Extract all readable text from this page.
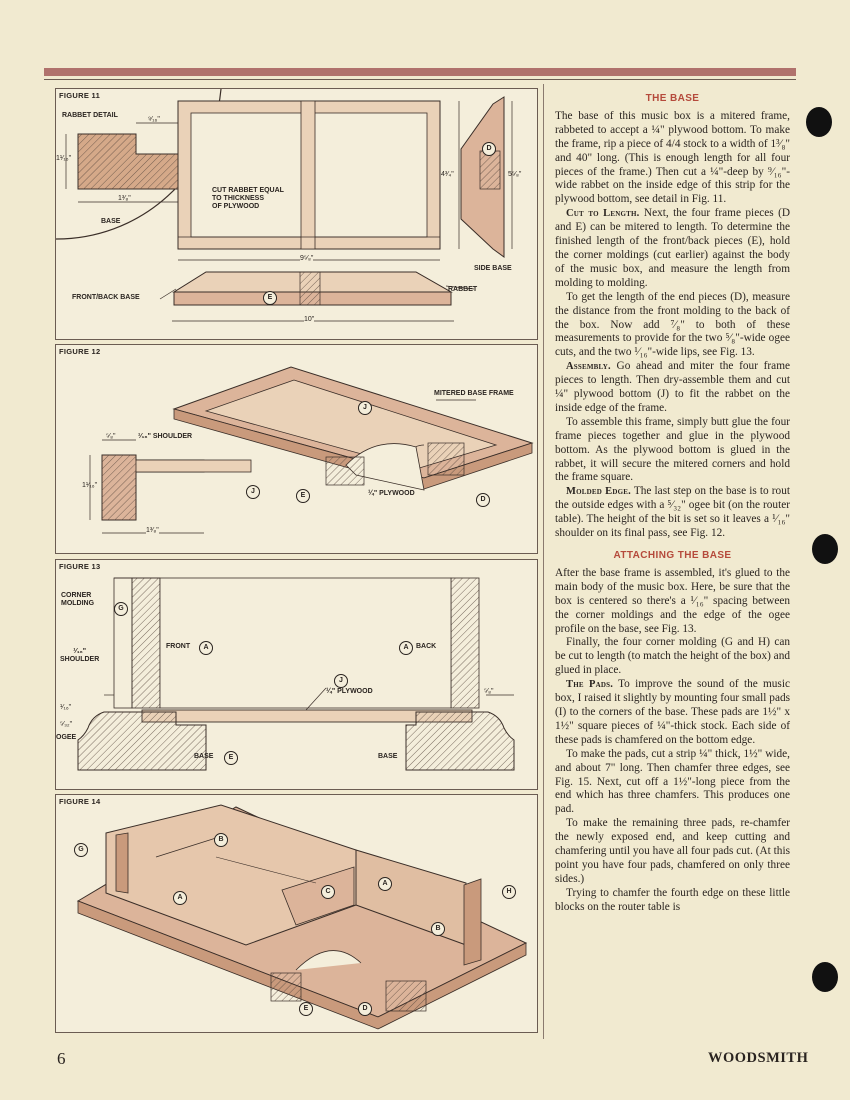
FIGURE 11
RABBET DETAIL
⁹⁄₁₆"
1¹⁄₁₆"
1³⁄₈"
BASE
CUT RABBET EQUAL
TO THICKNESS
OF PLYWOOD
4³⁄₄"	5⁵⁄₈"
9⁵⁄₈"
SIDE BASE
RABBET
FRONT/BACK BASE
10"
D
E
FIGURE 12
MITERED BASE FRAME
⁵⁄₈"	¹⁄₁₆" SHOULDER
1¹⁄₁₆"
1³⁄₈"
¼" PLYWOOD
J
J
E
D
FIGURE 13
CORNER
MOLDING
G
FRONT	A	A	BACK
¹⁄₁₆"
SHOULDER
J
¼" PLYWOOD	⁵⁄₈"
¹⁄₁₆"
⁵⁄₃₂"
OGEE
BASE	E	BASE
FIGURE 14
G
B
A
C
A
H
B
E	D
THE BASE

The base of this music box is a mitered frame, rabbeted to accept a ¼" plywood bottom. To make the frame, rip a piece of 4/4 stock to a width of 1³⁄₈" and 40" long. (This is enough length for all four pieces of the frame.) Then cut a ¼"-deep by ⁹⁄₁₆"-wide rabbet on the inside edge of this strip for the plywood bottom, see detail in Fig. 11.

Cut to Length. Next, the four frame pieces (D and E) can be mitered to length. To determine the finished length of the front/back pieces (E), hold the corner moldings (cut earlier) against the body of the music box, and measure the length from molding to molding.

To get the length of the end pieces (D), measure the distance from the front molding to the back of the box. Now add ⁷⁄₈" to both of these measurements to provide for the two ⁵⁄₈"-wide ogee cuts, and the two ¹⁄₁₆"-wide lips, see Fig. 13.

Assembly. Go ahead and miter the four frame pieces to length. Then dry-assemble them and cut ¼" plywood bottom (J) to fit the rabbet on the inside edge of the frame.

To assemble this frame, simply butt glue the four frame pieces together and glue in the plywood bottom. As the plywood bottom is glued in the rabbet, it will secure the mitered corners and hold the frame square.

Molded Edge. The last step on the base is to rout the outside edges with a ⁵⁄₃₂" ogee bit (on the router table). The height of the bit is set so it leaves a ¹⁄₁₆" shoulder on its final pass, see Fig. 12.

ATTACHING THE BASE

After the base frame is assembled, it's glued to the main body of the music box. Here, be sure that the box is centered so there's a ¹⁄₁₆" spacing between the corner moldings and the edge of the ogee profile on the base, see Fig. 13.

Finally, the four corner molding (G and H) can be cut to length (to match the height of the box) and glued in place.

The Pads. To improve the sound of the music box, I raised it slightly by mounting four small pads (I) to the corners of the base. These pads are 1½" x 1½" square pieces of ¼"-thick stock. Each side of these pads is chamfered on the bottom edge.

To make the pads, cut a strip ¼" thick, 1½" wide, and about 7" long. Then chamfer three edges, see Fig. 15. Next, cut off a 1½"-long piece from the end which has three chamfers. This produces one pad.

To make the remaining three pads, re-chamfer the newly exposed end, and keep cutting and chamfering until you have all four pads cut. (At this point you have four pads, chamfered on only three sides.)

Trying to chamfer the fourth edge on these little blocks on the router table is

6	WOODSMITH
